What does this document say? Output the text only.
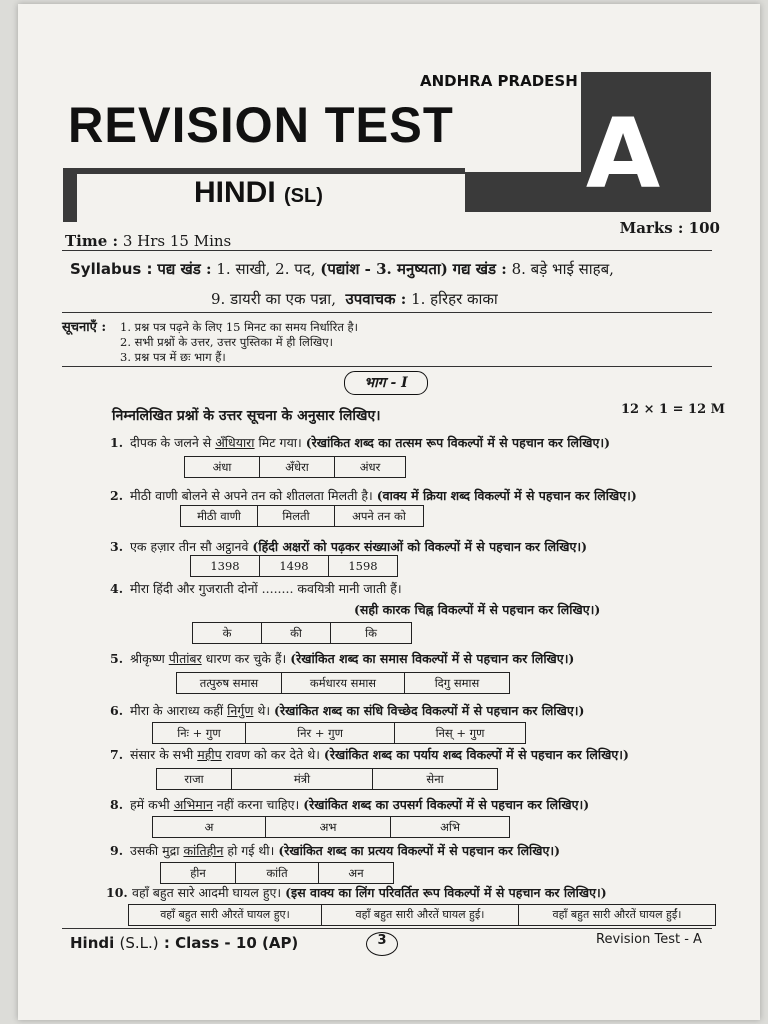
A
ANDHRA PRADESH
REVISION TEST
HINDI (SL)
Time : 3 Hrs 15 Mins
Marks : 100
Syllabus : पद्य खंड : 1. साखी, 2. पद, (पद्यांश - 3. मनुष्यता) गद्य खंड : 8. बड़े भाई साहब,
9. डायरी का एक पन्ना, उपवाचक : 1. हरिहर काका
सूचनाएँ : 1. प्रश्न पत्र पढ़ने के लिए 15 मिनट का समय निर्धारित है।
2. सभी प्रश्नों के उत्तर, उत्तर पुस्तिका में ही लिखिए।
3. प्रश्न पत्र में छः भाग हैं।
भाग - I
निम्नलिखित प्रश्नों के उत्तर सूचना के अनुसार लिखिए।	12 × 1 = 12 M
1. दीपक के जलने से अँधियारा मिट गया। (रेखांकित शब्द का तत्सम रूप विकल्पों में से पहचान कर लिखिए।)
अंधा	अँधेरा	अंधर
2. मीठी वाणी बोलने से अपने तन को शीतलता मिलती है। (वाक्य में क्रिया शब्द विकल्पों में से पहचान कर लिखिए।)
मीठी वाणी	मिलती	अपने तन को
3. एक हज़ार तीन सौ अट्ठानवे (हिंदी अक्षरों को पढ़कर संख्याओं को विकल्पों में से पहचान कर लिखिए।)
1398	1498	1598
4. मीरा हिंदी और गुजराती दोनों ........ कवयित्री मानी जाती हैं।
(सही कारक चिह्न विकल्पों में से पहचान कर लिखिए।)
के	की	कि
5. श्रीकृष्ण पीतांबर धारण कर चुके हैं। (रेखांकित शब्द का समास विकल्पों में से पहचान कर लिखिए।)
तत्पुरुष समास	कर्मधारय समास	दिगु समास
6. मीरा के आराध्य कहीं निर्गुण थे। (रेखांकित शब्द का संधि विच्छेद विकल्पों में से पहचान कर लिखिए।)
निः + गुण	निर + गुण	निस् + गुण
7. संसार के सभी महीप रावण को कर देते थे। (रेखांकित शब्द का पर्याय शब्द विकल्पों में से पहचान कर लिखिए।)
राजा	मंत्री	सेना
8. हमें कभी अभिमान नहीं करना चाहिए। (रेखांकित शब्द का उपसर्ग विकल्पों में से पहचान कर लिखिए।)
अ	अभ	अभि
9. उसकी मुद्रा कांतिहीन हो गई थी। (रेखांकित शब्द का प्रत्यय विकल्पों में से पहचान कर लिखिए।)
हीन	कांति	अन
10. वहाँ बहुत सारे आदमी घायल हुए। (इस वाक्य का लिंग परिवर्तित रूप विकल्पों में से पहचान कर लिखिए।)
वहाँ बहुत सारी औरतें घायल हुए।	वहाँ बहुत सारी औरतें घायल हुई।	वहाँ बहुत सारी औरतें घायल हुईं।
Hindi (S.L.) : Class - 10 (AP)	3	Revision Test - A
